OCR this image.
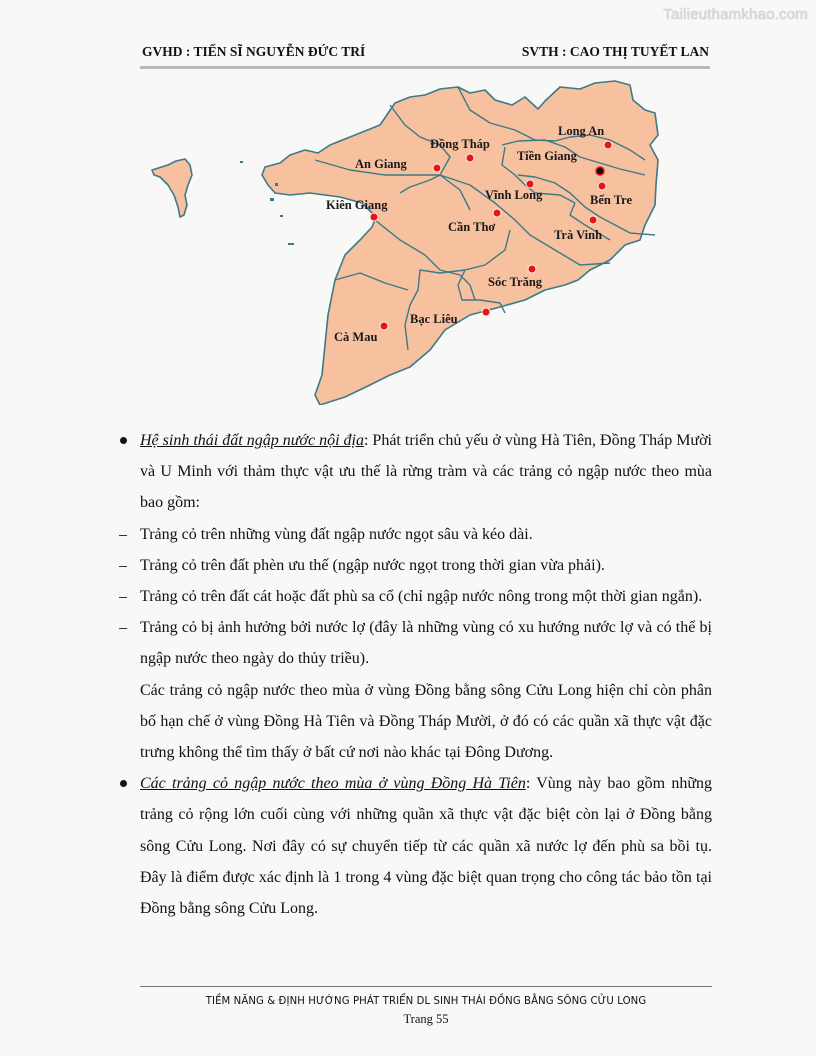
Tailieuthamkhao.com
GVHD : TIẾN SĨ NGUYỄN ĐỨC TRÍ	SVTH : CAO THỊ TUYẾT LAN
Long An
Đồng Tháp
Tiền Giang
An Giang
Vĩnh Long	Bến Tre
Kiên Giang
Cần Thơ
Trà Vinh
Sóc Trăng
Bạc Liêu
Cà Mau
Hệ sinh thái đất ngập nước nội địa: Phát triển chủ yếu ở vùng Hà Tiên, Đồng Tháp Mười và U Minh với thảm thực vật ưu thế là rừng tràm và các trảng cỏ ngập nước theo mùa bao gồm:
Trảng cỏ trên những vùng đất ngập nước ngọt sâu và kéo dài.
Trảng cỏ trên đất phèn ưu thế (ngập nước ngọt trong thời gian vừa phải).
Trảng cỏ trên đất cát hoặc đất phù sa cổ (chỉ ngập nước nông trong một thời gian ngắn).
Trảng cỏ bị ảnh hưởng bởi nước lợ (đây là những vùng có xu hướng nước lợ và có thể bị ngập nước theo ngày do thủy triều).
Các trảng cỏ ngập nước theo mùa ở vùng Đồng bằng sông Cửu Long hiện chỉ còn phân bố hạn chế ở vùng Đồng Hà Tiên và Đồng Tháp Mười, ở đó có các quần xã thực vật đặc trưng không thể tìm thấy ở bất cứ nơi nào khác tại Đông Dương.
Các trảng cỏ ngập nước theo mùa ở vùng Đồng Hà Tiên: Vùng này bao gồm những trảng cỏ rộng lớn cuối cùng với những quần xã thực vật đặc biệt còn lại ở Đồng bằng sông Cửu Long. Nơi đây có sự chuyển tiếp từ các quần xã nước lợ đến phù sa bồi tụ. Đây là điểm được xác định là 1 trong 4 vùng đặc biệt quan trọng cho công tác bảo tồn tại Đồng bằng sông Cửu Long.
TIỀM NĂNG & ĐỊNH HƯỚNG PHÁT TRIỂN DL SINH THÁI ĐỒNG BẰNG SÔNG CỬU LONG
Trang 55
